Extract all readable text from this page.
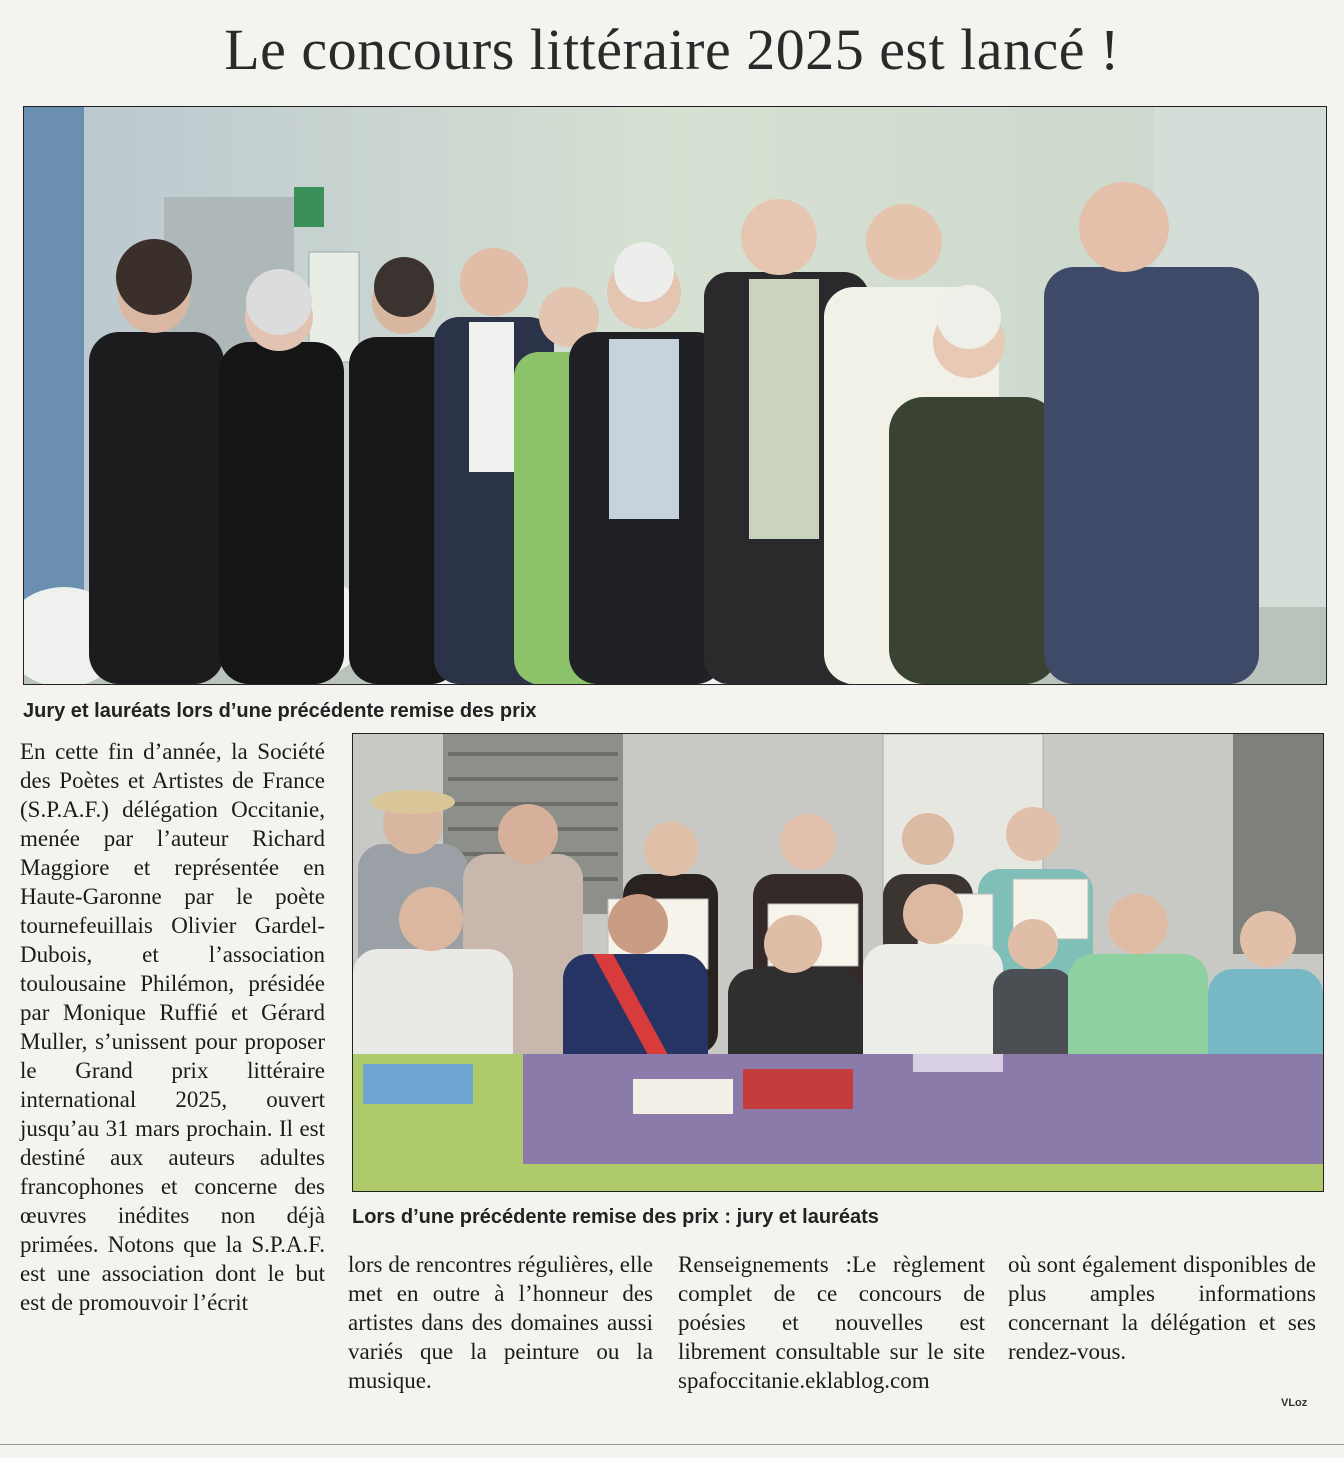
Le concours littéraire 2025 est lancé !
Jury et lauréats lors d’une précédente remise des prix
Lors d’une précédente remise des prix : jury et lauréats

En cette fin d’année, la Société des Poètes et Artistes de France (S.P.A.F.) délégation Occitanie, menée par l’auteur Richard Maggiore et représentée en Haute-Garonne par le poète tournefeuillais Olivier Gardel-Dubois, et l’association toulousaine Philémon, présidée par Monique Ruffié et Gérard Muller, s’unissent pour proposer le Grand prix littéraire international 2025, ouvert jusqu’au 31 mars prochain. Il est destiné aux auteurs adultes francophones et concerne des œuvres inédites non déjà primées. Notons que la S.P.A.F. est une association dont le but est de promouvoir l’écrit

lors de rencontres régulières, elle met en outre à l’honneur des artistes dans des domaines aussi variés que la peinture ou la musique.

Renseignements :Le règlement complet de ce concours de poésies et nouvelles est librement consultable sur le site spafoccitanie.eklablog.com

où sont également disponibles de plus amples informations concernant la délégation et ses rendez-vous.

VLoz
